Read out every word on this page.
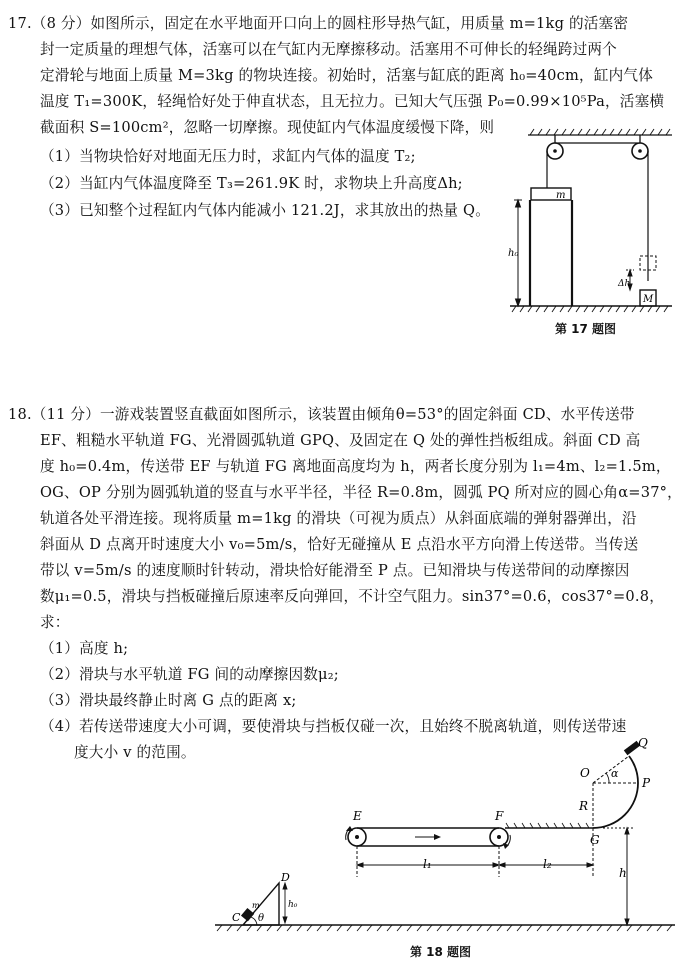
17.（8 分）如图所示，固定在水平地面开口向上的圆柱形导热气缸，用质量 m=1kg 的活塞密
封一定质量的理想气体，活塞可以在气缸内无摩擦移动。活塞用不可伸长的轻绳跨过两个
定滑轮与地面上质量 M=3kg 的物块连接。初始时，活塞与缸底的距离 h₀=40cm，缸内气体
温度 T₁=300K，轻绳恰好处于伸直状态，且无拉力。已知大气压强 P₀=0.99×10⁵Pa，活塞横
截面积 S=100cm²，忽略一切摩擦。现使缸内气体温度缓慢下降，则
（1）当物块恰好对地面无压力时，求缸内气体的温度 T₂;
（2）当缸内气体温度降至 T₃=261.9K 时，求物块上升高度Δh;
（3）已知整个过程缸内气体内能减小 121.2J，求其放出的热量 Q。
m
h₀
Δh
M
第 17 题图
18.（11 分）一游戏装置竖直截面如图所示，该装置由倾角θ=53°的固定斜面 CD、水平传送带
EF、粗糙水平轨道 FG、光滑圆弧轨道 GPQ、及固定在 Q 处的弹性挡板组成。斜面 CD 高
度 h₀=0.4m，传送带 EF 与轨道 FG 离地面高度均为 h，两者长度分别为 l₁=4m、l₂=1.5m，
OG、OP 分别为圆弧轨道的竖直与水平半径，半径 R=0.8m，圆弧 PQ 所对应的圆心角α=37°，
轨道各处平滑连接。现将质量 m=1kg 的滑块（可视为质点）从斜面底端的弹射器弹出，沿
斜面从 D 点离开时速度大小 v₀=5m/s，恰好无碰撞从 E 点沿水平方向滑上传送带。当传送
带以 v=5m/s 的速度顺时针转动，滑块恰好能滑至 P 点。已知滑块与传送带间的动摩擦因
数μ₁=0.5，滑块与挡板碰撞后原速率反向弹回，不计空气阻力。sin37°=0.6，cos37°=0.8，
求：
（1）高度 h;
（2）滑块与水平轨道 FG 间的动摩擦因数μ₂;
（3）滑块最终静止时离 G 点的距离 x;
（4）若传送带速度大小可调，要使滑块与挡板仅碰一次，且始终不脱离轨道，则传送带速
度大小 v 的范围。
D
C
m
θ
h₀
E	F
l₁	l₂
G
h
O
P
Q
R
α
第 18 题图
